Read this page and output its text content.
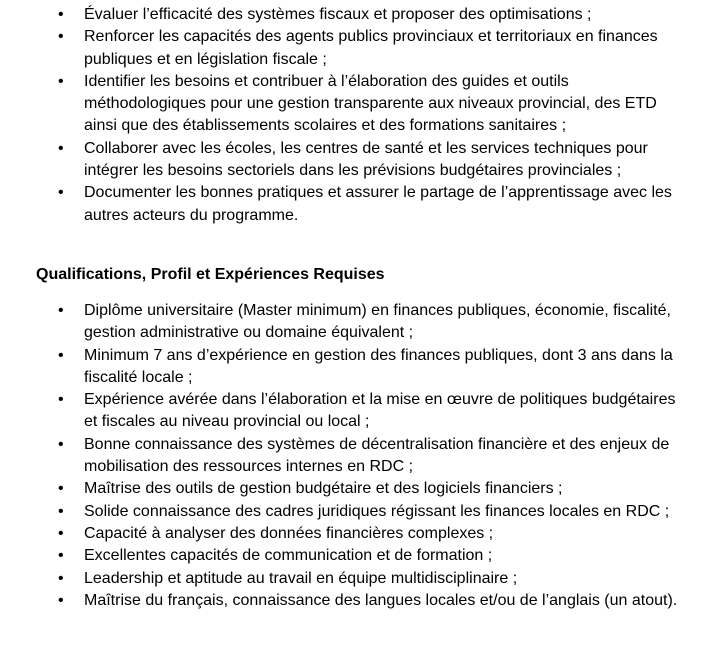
•	Évaluer l’efficacité des systèmes fiscaux et proposer des optimisations ;
•	Renforcer les capacités des agents publics provinciaux et territoriaux en finances publiques et en législation fiscale ;
•	Identifier les besoins et contribuer à l’élaboration des guides et outils méthodologiques pour une gestion transparente aux niveaux provincial, des ETD ainsi que des établissements scolaires et des formations sanitaires ;
•	Collaborer avec les écoles, les centres de santé et les services techniques pour intégrer les besoins sectoriels dans les prévisions budgétaires provinciales ;
•	Documenter les bonnes pratiques et assurer le partage de l’apprentissage avec les autres acteurs du programme.
Qualifications, Profil et Expériences Requises
•	Diplôme universitaire (Master minimum) en finances publiques, économie, fiscalité, gestion administrative ou domaine équivalent ;
•	Minimum 7 ans d’expérience en gestion des finances publiques, dont 3 ans dans la fiscalité locale ;
•	Expérience avérée dans l’élaboration et la mise en œuvre de politiques budgétaires et fiscales au niveau provincial ou local ;
•	Bonne connaissance des systèmes de décentralisation financière et des enjeux de mobilisation des ressources internes en RDC ;
•	Maîtrise des outils de gestion budgétaire et des logiciels financiers ;
•	Solide connaissance des cadres juridiques régissant les finances locales en RDC ;
•	Capacité à analyser des données financières complexes ;
•	Excellentes capacités de communication et de formation ;
•	Leadership et aptitude au travail en équipe multidisciplinaire ;
•	Maîtrise du français, connaissance des langues locales et/ou de l’anglais (un atout).
